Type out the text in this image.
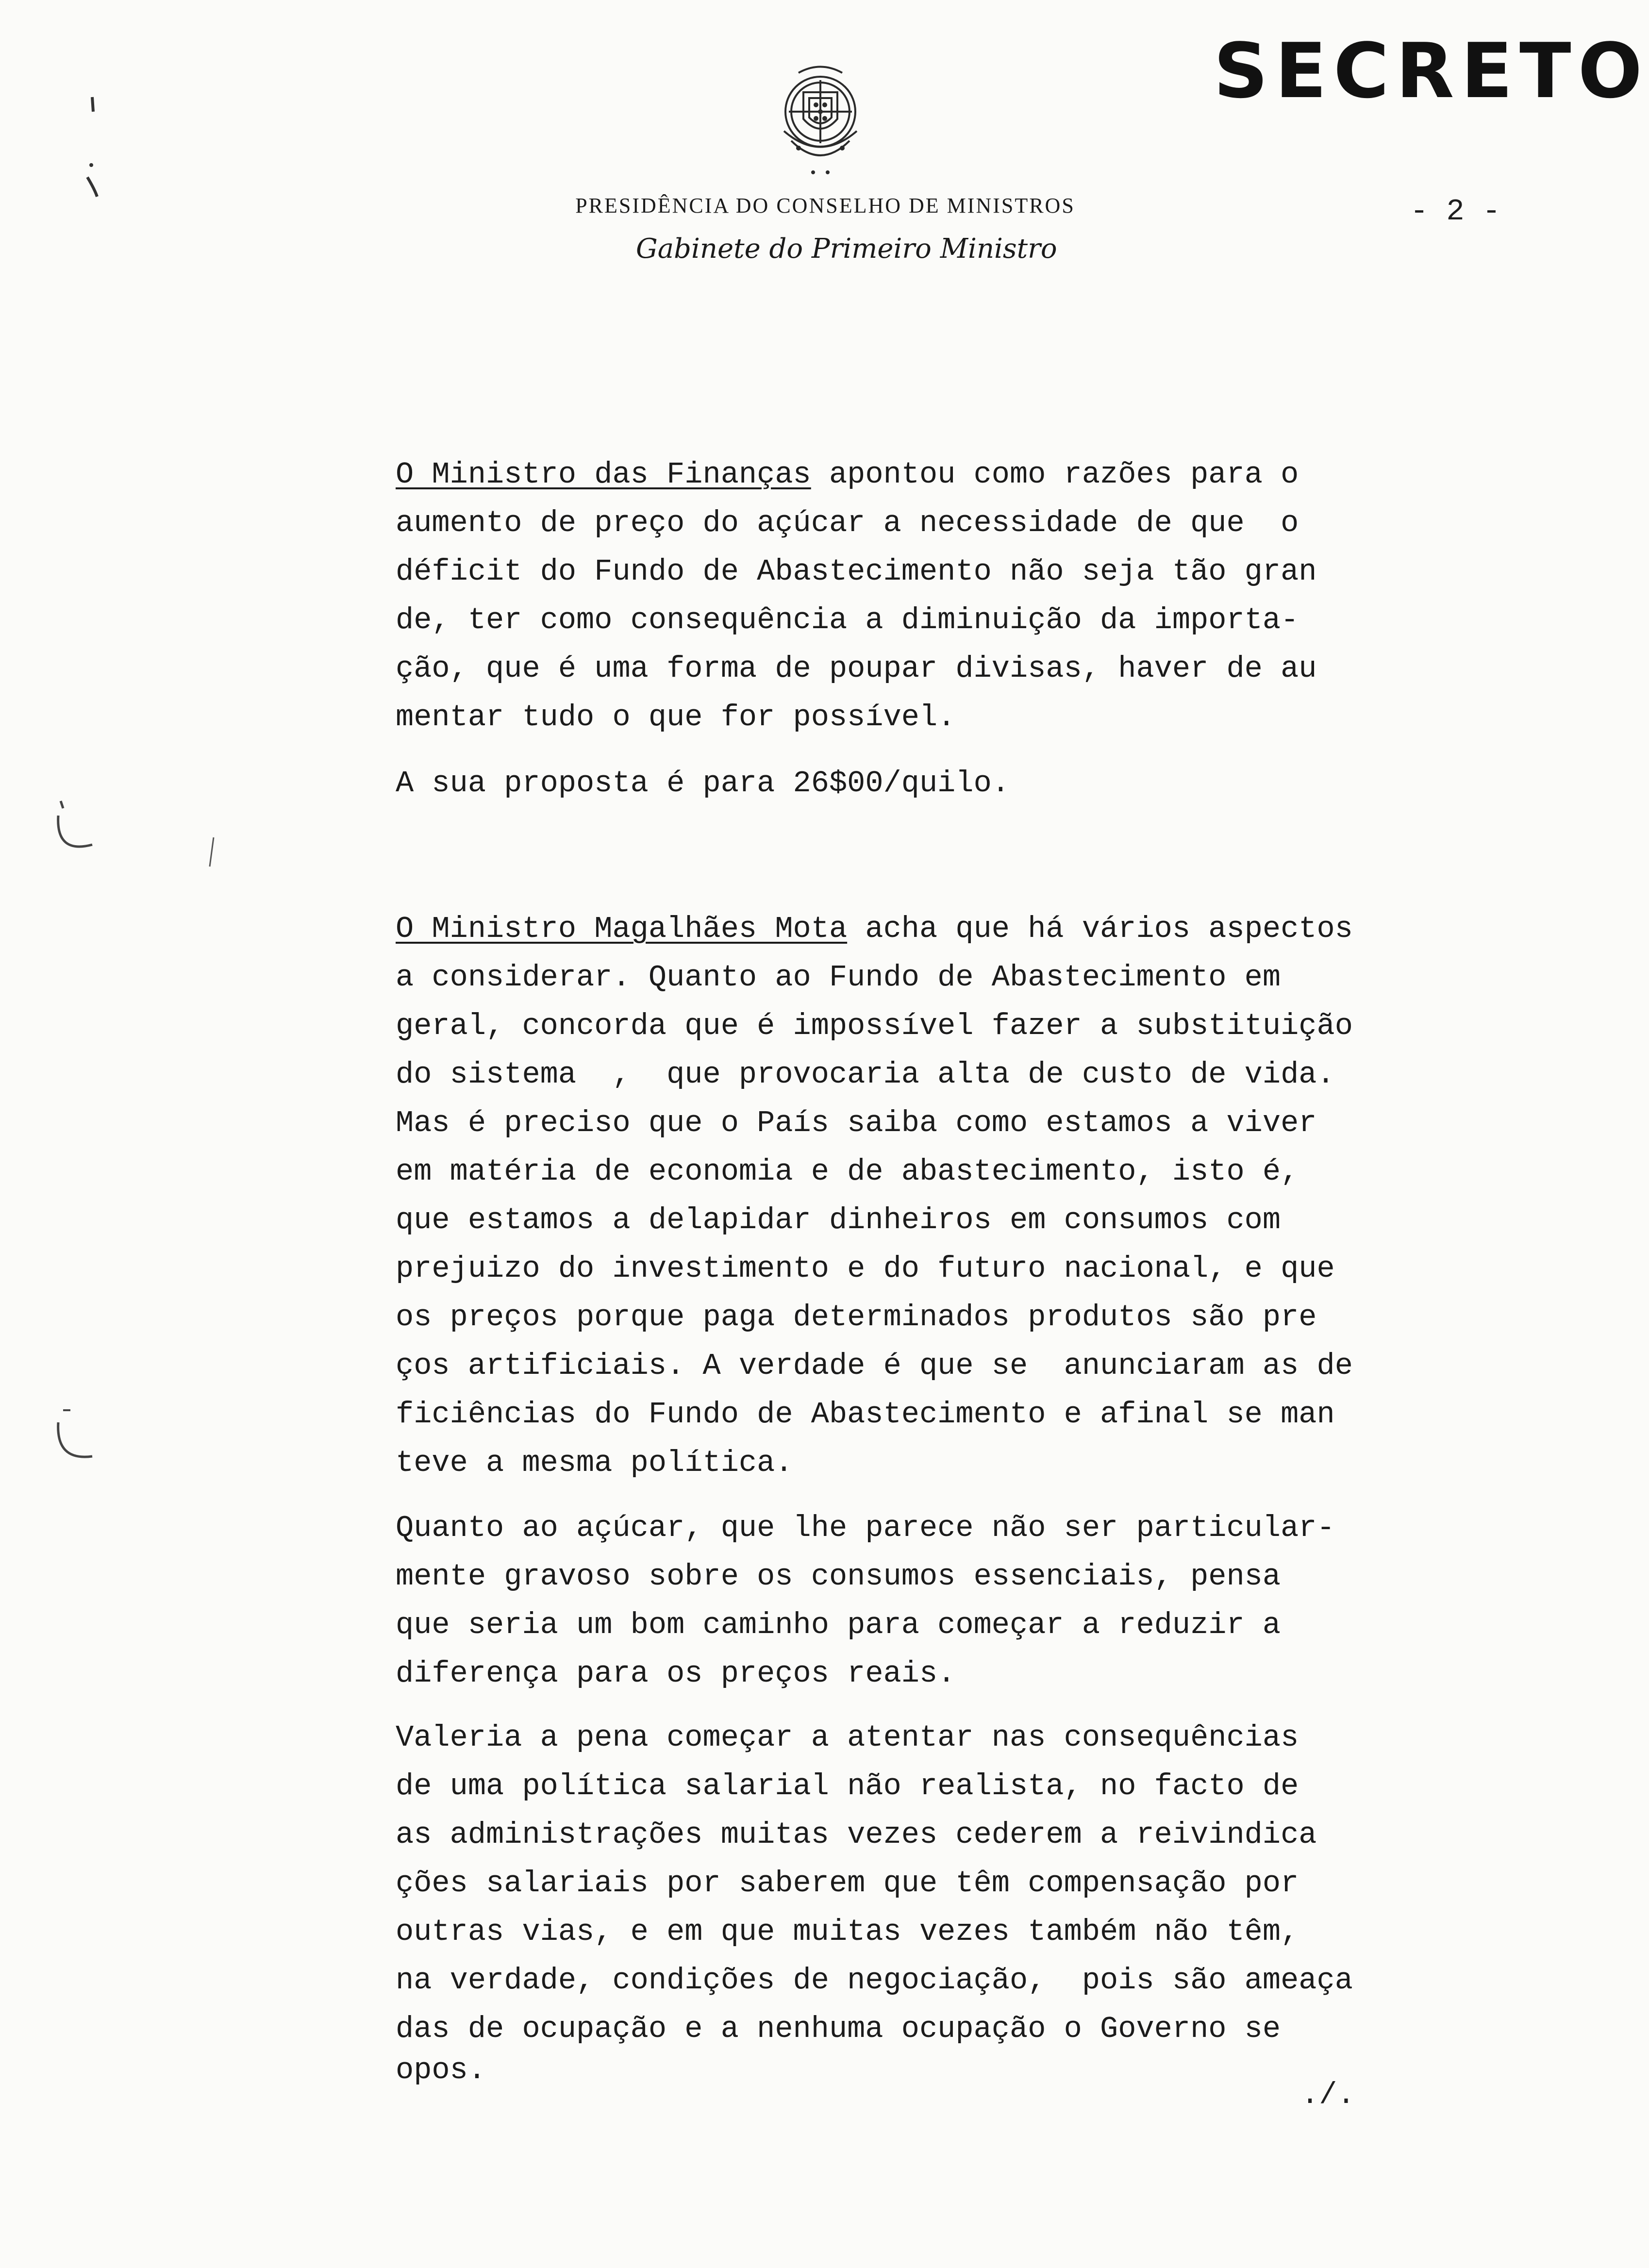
SECRETO
PRESIDÊNCIA DO CONSELHO DE MINISTROS	- 2 -
Gabinete do Primeiro Ministro

O Ministro das Finanças apontou como razões para o
aumento de preço do açúcar a necessidade de que  o
déficit do Fundo de Abastecimento não seja tão gran
de, ter como consequência a diminuição da importa-
ção, que é uma forma de poupar divisas, haver de au
mentar tudo o que for possível.

A sua proposta é para 26$00/quilo.

O Ministro Magalhães Mota acha que há vários aspectos
a considerar. Quanto ao Fundo de Abastecimento em
geral, concorda que é impossível fazer a substituição
do sistema  ,  que provocaria alta de custo de vida.
Mas é preciso que o País saiba como estamos a viver
em matéria de economia e de abastecimento, isto é,
que estamos a delapidar dinheiros em consumos com
prejuizo do investimento e do futuro nacional, e que
os preços porque paga determinados produtos são pre
ços artificiais. A verdade é que se  anunciaram as de
ficiências do Fundo de Abastecimento e afinal se man
teve a mesma política.

Quanto ao açúcar, que lhe parece não ser particular-
mente gravoso sobre os consumos essenciais, pensa
que seria um bom caminho para começar a reduzir a
diferença para os preços reais.

Valeria a pena começar a atentar nas consequências
de uma política salarial não realista, no facto de
as administrações muitas vezes cederem a reivindica
ções salariais por saberem que têm compensação por
outras vias, e em que muitas vezes também não têm,
na verdade, condições de negociação,  pois são ameaça
das de ocupação e a nenhuma ocupação o Governo se
opos.

./.
